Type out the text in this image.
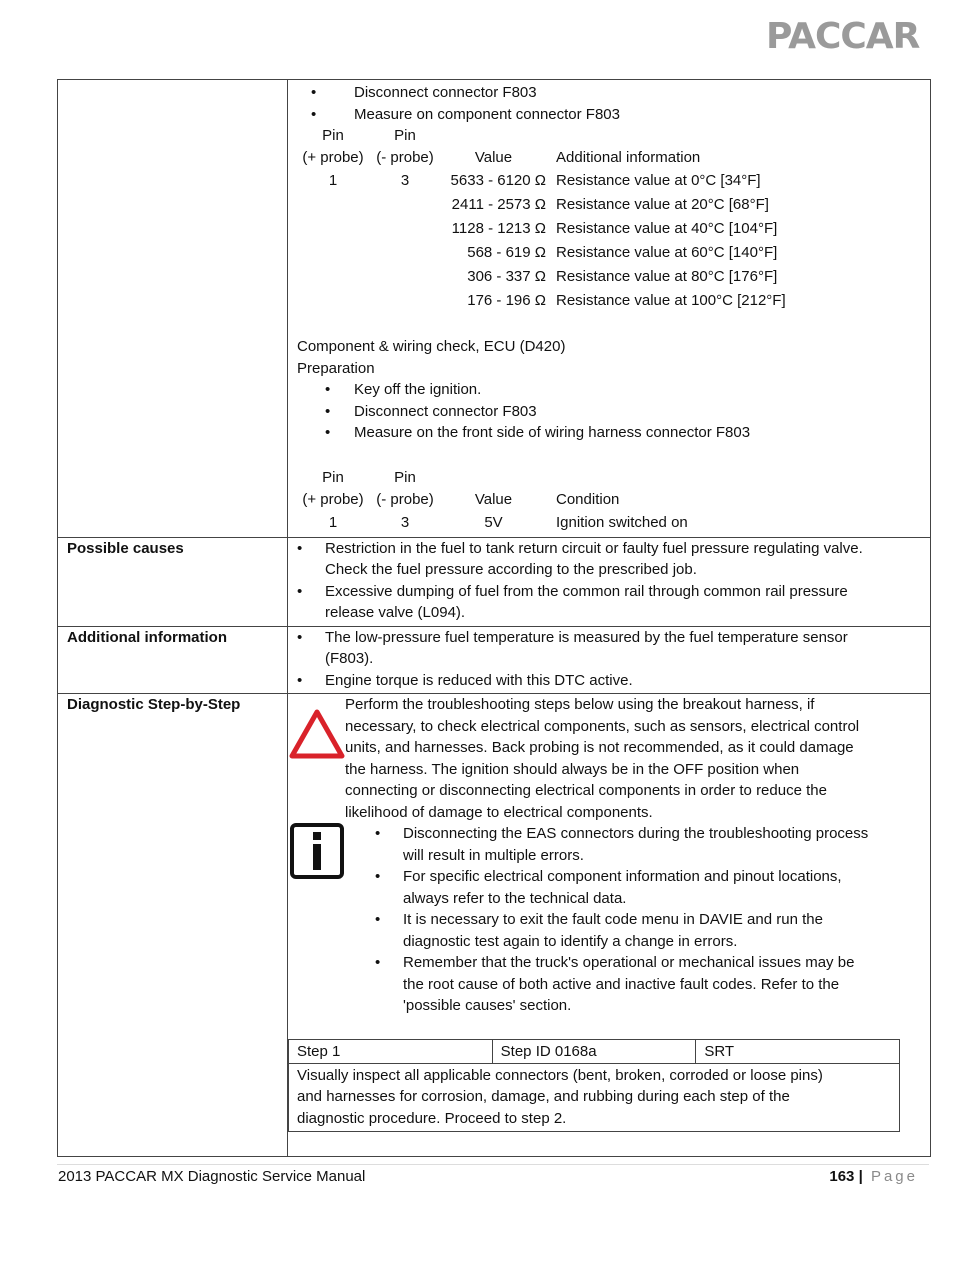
PACCAR
•	Disconnect connector F803
•	Measure on component connector F803
Pin	Pin
(+ probe) (- probe)	Value	Additional information
1	3	5633 - 6120 Ω Resistance value at 0°C [34°F]
2411 - 2573 Ω Resistance value at 20°C [68°F]
1128 - 1213 Ω Resistance value at 40°C [104°F]
568 - 619 Ω Resistance value at 60°C [140°F]
306 - 337 Ω Resistance value at 80°C [176°F]
176 - 196 Ω Resistance value at 100°C [212°F]
Component & wiring check, ECU (D420)
Preparation
• Key off the ignition.
• Disconnect connector F803
• Measure on the front side of wiring harness connector F803
Pin	Pin
(+ probe) (- probe)	Value	Condition
1	3	5V	Ignition switched on
Possible causes	• Restriction in the fuel to tank return circuit or faulty fuel pressure regulating valve.
Check the fuel pressure according to the prescribed job.
• Excessive dumping of fuel from the common rail through common rail pressure
release valve (L094).
Additional information	• The low-pressure fuel temperature is measured by the fuel temperature sensor
(F803).
• Engine torque is reduced with this DTC active.
Diagnostic Step-by-Step	Perform the troubleshooting steps below using the breakout harness, if
necessary, to check electrical components, such as sensors, electrical control
units, and harnesses. Back probing is not recommended, as it could damage
the harness. The ignition should always be in the OFF position when
connecting or disconnecting electrical components in order to reduce the
likelihood of damage to electrical components.
• Disconnecting the EAS connectors during the troubleshooting process
will result in multiple errors.
• For specific electrical component information and pinout locations,
always refer to the technical data.
• It is necessary to exit the fault code menu in DAVIE and run the
diagnostic test again to identify a change in errors.
• Remember that the truck's operational or mechanical issues may be
the root cause of both active and inactive fault codes. Refer to the
'possible causes' section.
Step 1	Step ID 0168a	SRT
Visually inspect all applicable connectors (bent, broken, corroded or loose pins)
and harnesses for corrosion, damage, and rubbing during each step of the
diagnostic procedure. Proceed to step 2.
2013 PACCAR MX Diagnostic Service Manual	163 | Page
